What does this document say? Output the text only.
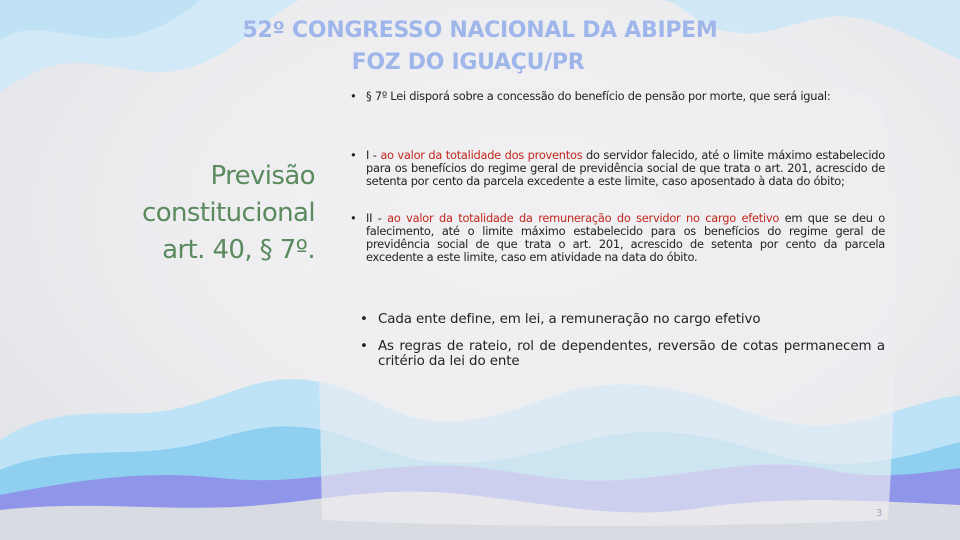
52º CONGRESSO NACIONAL DA ABIPEM
FOZ DO IGUAÇU/PR
Previsão
constitucional
art. 40, § 7º.
• § 7º Lei disporá sobre a concessão do benefício de pensão por morte, que será igual:
• I - ao valor da totalidade dos proventos do servidor falecido, até o limite máximo estabelecido para os benefícios do regime geral de previdência social de que trata o art. 201, acrescido de setenta por cento da parcela excedente a este limite, caso aposentado à data do óbito;
• II - ao valor da totalidade da remuneração do servidor no cargo efetivo em que se deu o falecimento, até o limite máximo estabelecido para os benefícios do regime geral de previdência social de que trata o art. 201, acrescido de setenta por cento da parcela excedente a este limite, caso em atividade na data do óbito.
• Cada ente define, em lei, a remuneração no cargo efetivo
• As regras de rateio, rol de dependentes, reversão de cotas permanecem a critério da lei do ente
3
